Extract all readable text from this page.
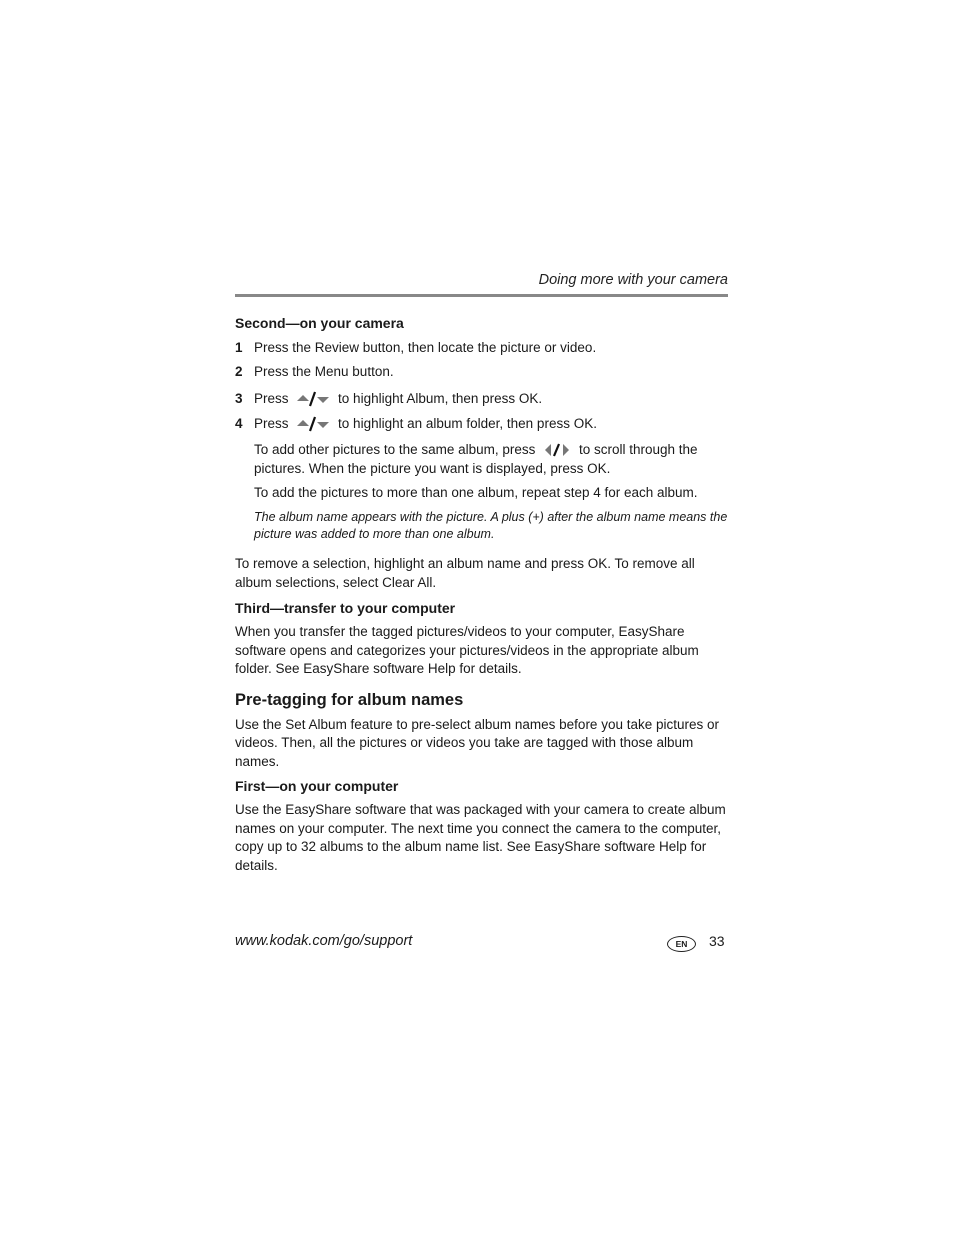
Doing more with your camera

Second—on your camera

1 Press the Review button, then locate the picture or video.
2 Press the Menu button.
3 Press	to highlight Album, then press OK.
4 Press	to highlight an album folder, then press OK.

To add other pictures to the same album, press	to scroll through the pictures. When the picture you want is displayed, press OK.

To add the pictures to more than one album, repeat step 4 for each album.

The album name appears with the picture. A plus (+) after the album name means the picture was added to more than one album.

To remove a selection, highlight an album name and press OK. To remove all album selections, select Clear All.

Third—transfer to your computer

When you transfer the tagged pictures/videos to your computer, EasyShare software opens and categorizes your pictures/videos in the appropriate album folder. See EasyShare software Help for details.

Pre-tagging for album names

Use the Set Album feature to pre-select album names before you take pictures or videos. Then, all the pictures or videos you take are tagged with those album names.

First—on your computer

Use the EasyShare software that was packaged with your camera to create album names on your computer. The next time you connect the camera to the computer, copy up to 32 albums to the album name list. See EasyShare software Help for details.

www.kodak.com/go/support	EN	33
